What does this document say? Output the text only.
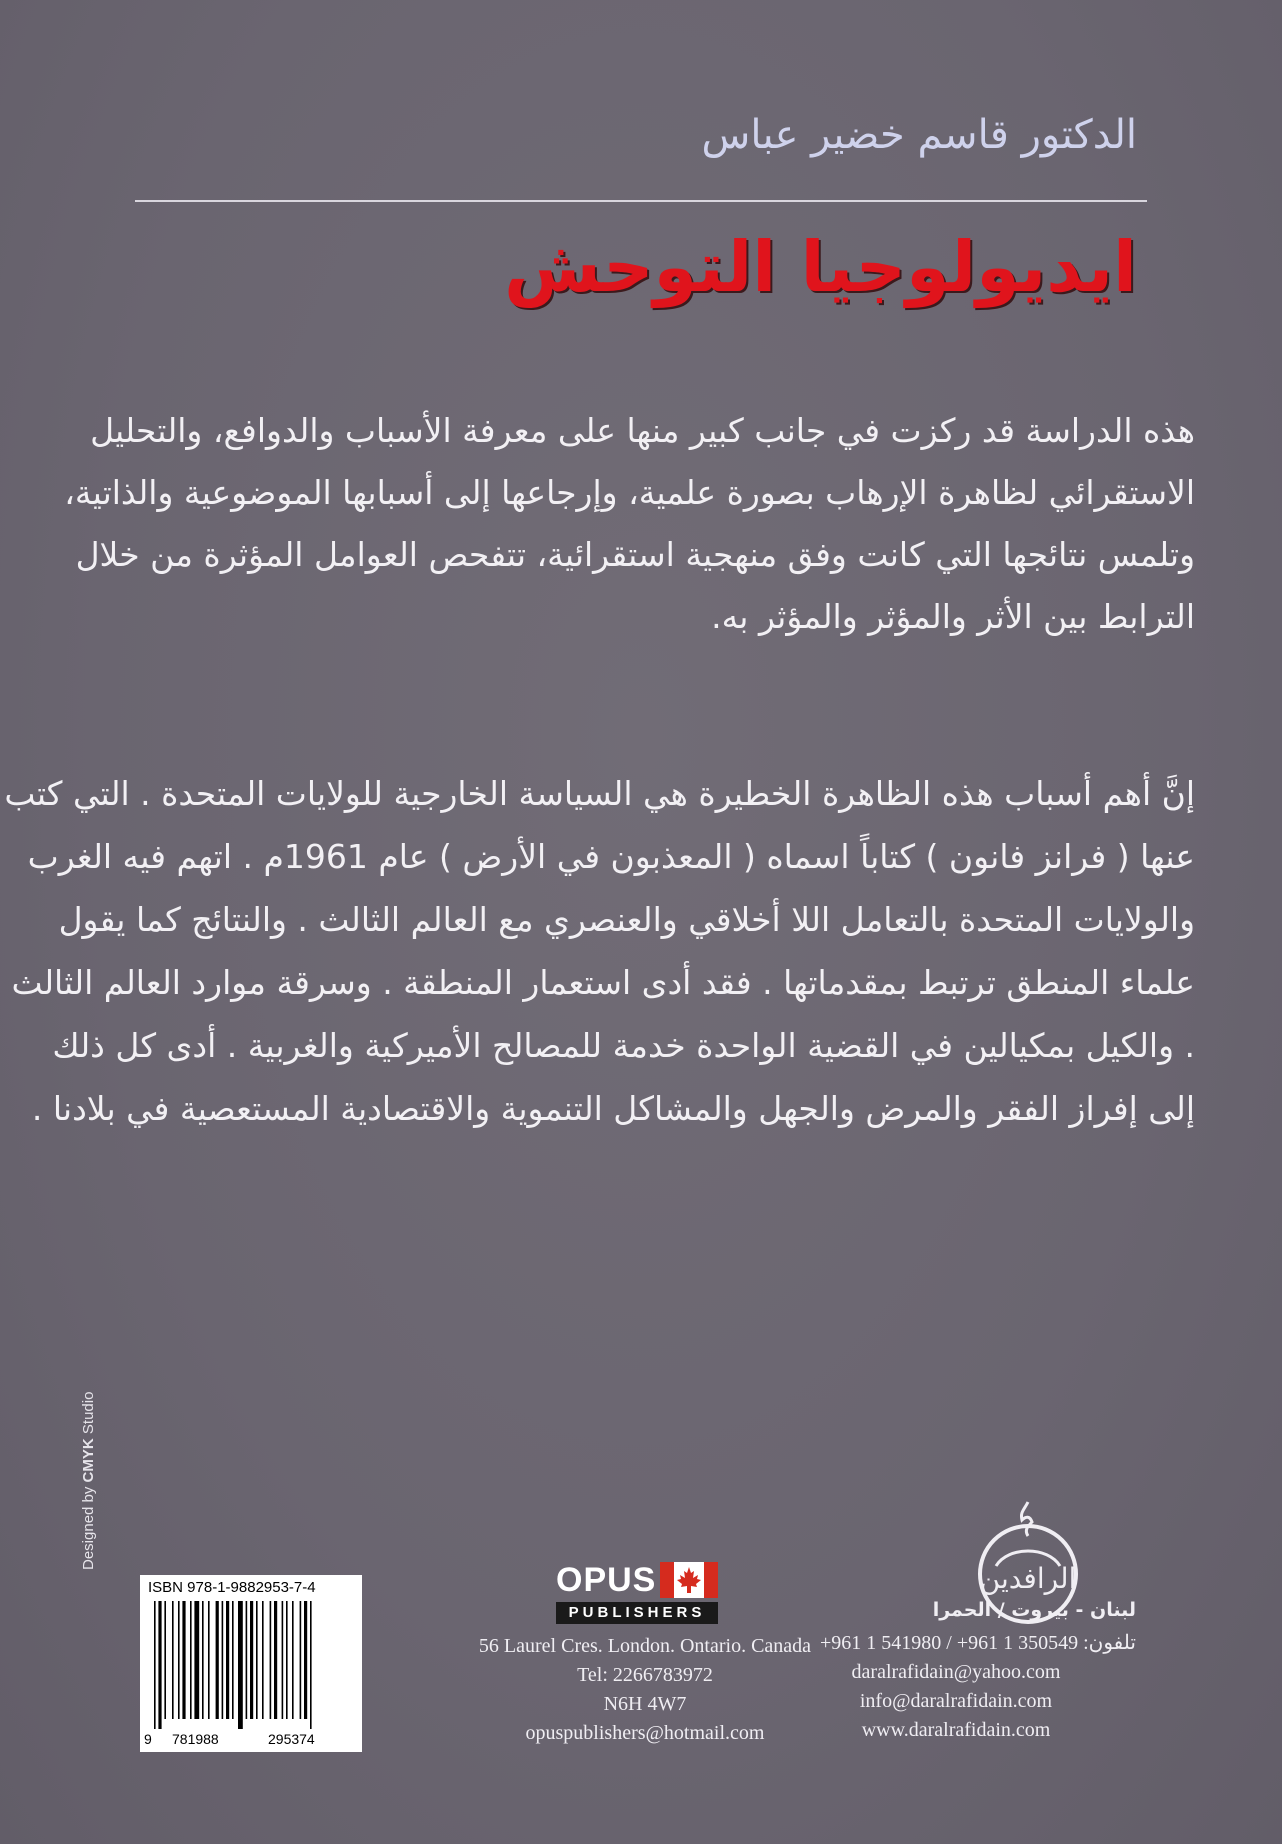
الدكتور قاسم خضير عباس
ايديولوجيا التوحش

هذه الدراسة قد ركزت في جانب كبير منها على معرفة الأسباب والدوافع، والتحليل

الاستقرائي لظاهرة الإرهاب بصورة علمية، وإرجاعها إلى أسبابها الموضوعية والذاتية،

وتلمس نتائجها التي كانت وفق منهجية استقرائية، تتفحص العوامل المؤثرة من خلال

الترابط بين الأثر والمؤثر والمؤثر به.

إنَّ أهم أسباب هذه الظاهرة الخطيرة هي السياسة الخارجية للولايات المتحدة . التي كتب

عنها ( فرانز فانون ) كتاباً اسماه ( المعذبون في الأرض ) عام 1961م . اتهم فيه الغرب

والولايات المتحدة بالتعامل اللا أخلاقي والعنصري مع العالم الثالث . والنتائج كما يقول

علماء المنطق ترتبط بمقدماتها . فقد أدى استعمار المنطقة . وسرقة موارد العالم الثالث

. والكيل بمكيالين في القضية الواحدة خدمة للمصالح الأميركية والغربية . أدى كل ذلك

إلى إفراز الفقر والمرض والجهل والمشاكل التنموية والاقتصادية المستعصية في بلادنا .

Designed by CMYK Studio
ISBN 978-1-9882953-7-4
9 781988	295374
OPUS
PUBLISHERS
56 Laurel Cres. London. Ontario. Canada
Tel: 2266783972
N6H 4W7
opuspublishers@hotmail.com
الرافدين
لبنان - بيروت / الحمرا
تلفون: 350549 1 961+ / 541980 1 961+
daralrafidain@yahoo.com
info@daralrafidain.com
www.daralrafidain.com
